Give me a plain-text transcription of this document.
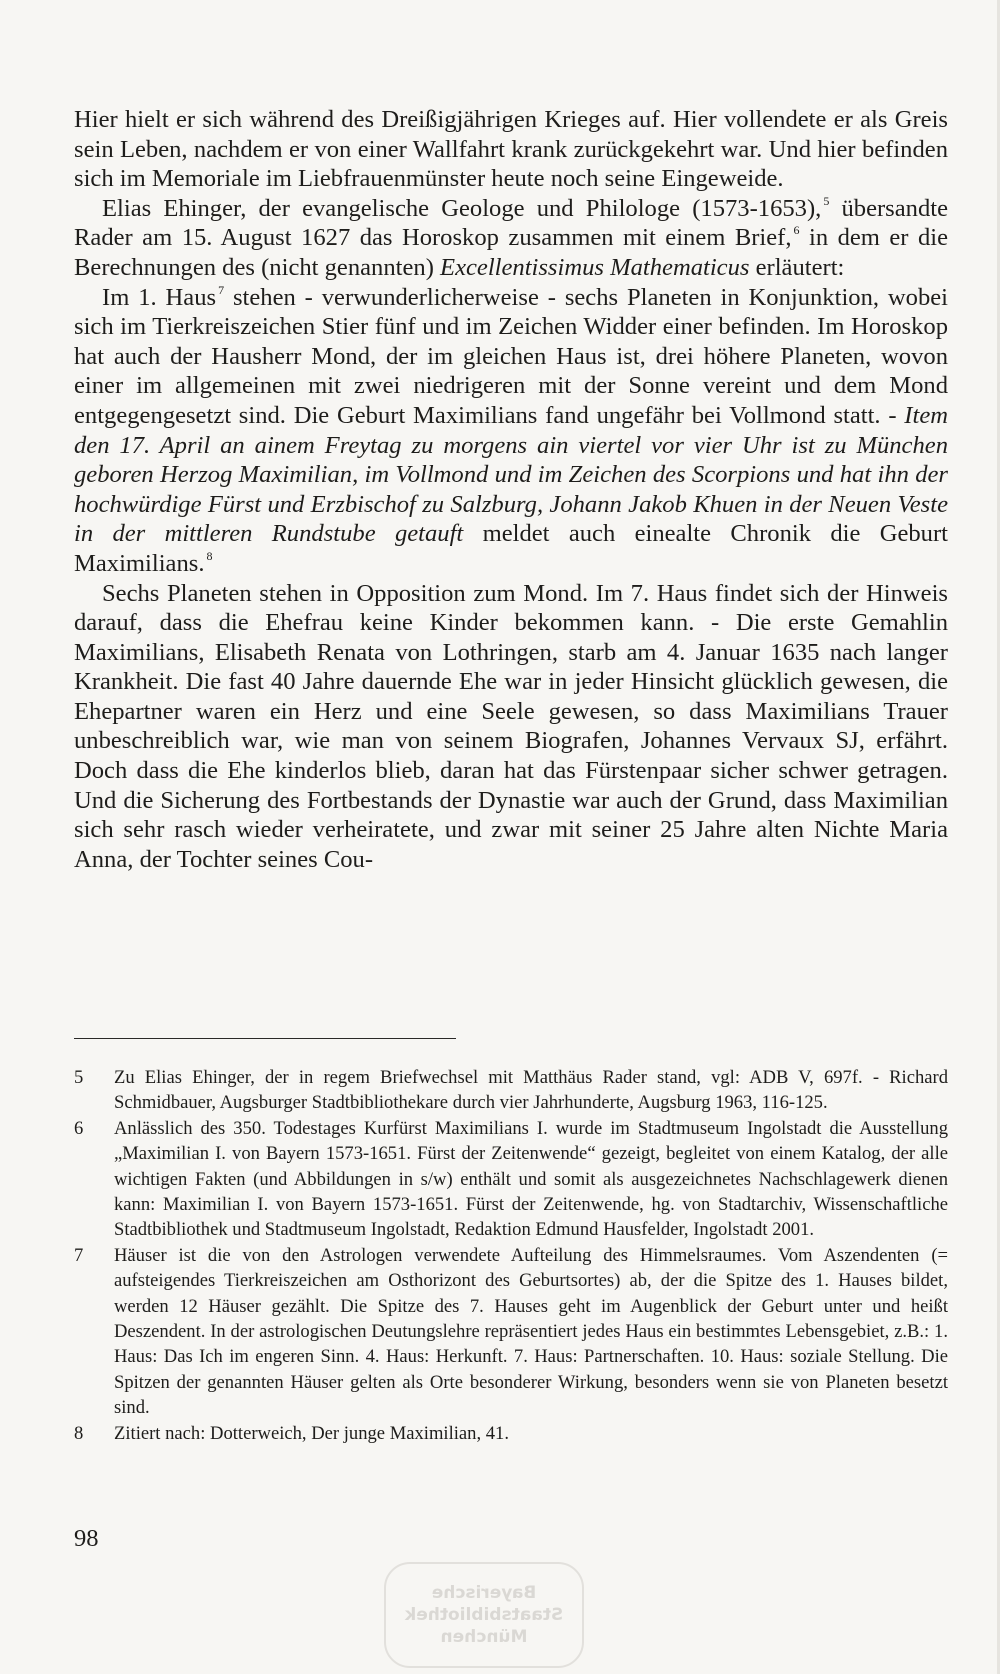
Hier hielt er sich während des Dreißigjährigen Krieges auf. Hier vollendete er als Greis sein Leben, nachdem er von einer Wallfahrt krank zurückgekehrt war. Und hier befinden sich im Memoriale im Liebfrauenmünster heute noch seine Eingeweide.

Elias Ehinger, der evangelische Geologe und Philologe (1573-1653), $^5$ übersandte Rader am 15. August 1627 das Horoskop zusammen mit einem Brief, $^6$ in dem er die Berechnungen des (nicht genannten) Excellentissimus Mathematicus erläutert:

Im 1. Haus $^7$ stehen - verwunderlicherweise - sechs Planeten in Konjunktion, wobei sich im Tierkreiszeichen Stier fünf und im Zeichen Widder einer befinden. Im Horoskop hat auch der Hausherr Mond, der im gleichen Haus ist, drei höhere Planeten, wovon einer im allgemeinen mit zwei niedrigeren mit der Sonne vereint und dem Mond entgegengesetzt sind. Die Geburt Maximilians fand ungefähr bei Vollmond statt. - Item den 17. April an ainem Freytag zu morgens ain viertel vor vier Uhr ist zu München geboren Herzog Maximilian, im Vollmond und im Zeichen des Scorpions und hat ihn der hochwürdige Fürst und Erzbischof zu Salzburg, Johann Jakob Khuen in der Neuen Veste in der mittleren Rundstube getauft meldet auch einealte Chronik die Geburt Maximilians. $^8$

Sechs Planeten stehen in Opposition zum Mond. Im 7. Haus findet sich der Hinweis darauf, dass die Ehefrau keine Kinder bekommen kann. - Die erste Gemahlin Maximilians, Elisabeth Renata von Lothringen, starb am 4. Januar 1635 nach langer Krankheit. Die fast 40 Jahre dauernde Ehe war in jeder Hinsicht glücklich gewesen, die Ehepartner waren ein Herz und eine Seele gewesen, so dass Maximilians Trauer unbeschreiblich war, wie man von seinem Biografen, Johannes Vervaux SJ, erfährt. Doch dass die Ehe kinderlos blieb, daran hat das Fürstenpaar sicher schwer getragen. Und die Sicherung des Fortbestands der Dynastie war auch der Grund, dass Maximilian sich sehr rasch wieder verheiratete, und zwar mit seiner 25 Jahre alten Nichte Maria Anna, der Tochter seines Cou-

5	Zu Elias Ehinger, der in regem Briefwechsel mit Matthäus Rader stand, vgl: ADB V, 697f. - Richard Schmidbauer, Augsburger Stadtbibliothekare durch vier Jahrhunderte, Augsburg 1963, 116-125.
6	Anlässlich des 350. Todestages Kurfürst Maximilians I. wurde im Stadtmuseum Ingolstadt die Ausstellung „Maximilian I. von Bayern 1573-1651. Fürst der Zeitenwende“ gezeigt, begleitet von einem Katalog, der alle wichtigen Fakten (und Abbildungen in s/w) enthält und somit als ausgezeichnetes Nachschlagewerk dienen kann: Maximilian I. von Bayern 1573-1651. Fürst der Zeitenwende, hg. von Stadtarchiv, Wissenschaftliche Stadtbibliothek und Stadtmuseum Ingolstadt, Redaktion Edmund Hausfelder, Ingolstadt 2001.
7	Häuser ist die von den Astrologen verwendete Aufteilung des Himmelsraumes. Vom Aszendenten (= aufsteigendes Tierkreiszeichen am Osthorizont des Geburtsortes) ab, der die Spitze des 1. Hauses bildet, werden 12 Häuser gezählt. Die Spitze des 7. Hauses geht im Augenblick der Geburt unter und heißt Deszendent. In der astrologischen Deutungslehre repräsentiert jedes Haus ein bestimmtes Lebensgebiet, z.B.: 1. Haus: Das Ich im engeren Sinn. 4. Haus: Herkunft. 7. Haus: Partnerschaften. 10. Haus: soziale Stellung. Die Spitzen der genannten Häuser gelten als Orte besonderer Wirkung, besonders wenn sie von Planeten besetzt sind.
8	Zitiert nach: Dotterweich, Der junge Maximilian, 41.
98
Bayerische
Staatsbibliothek
München
